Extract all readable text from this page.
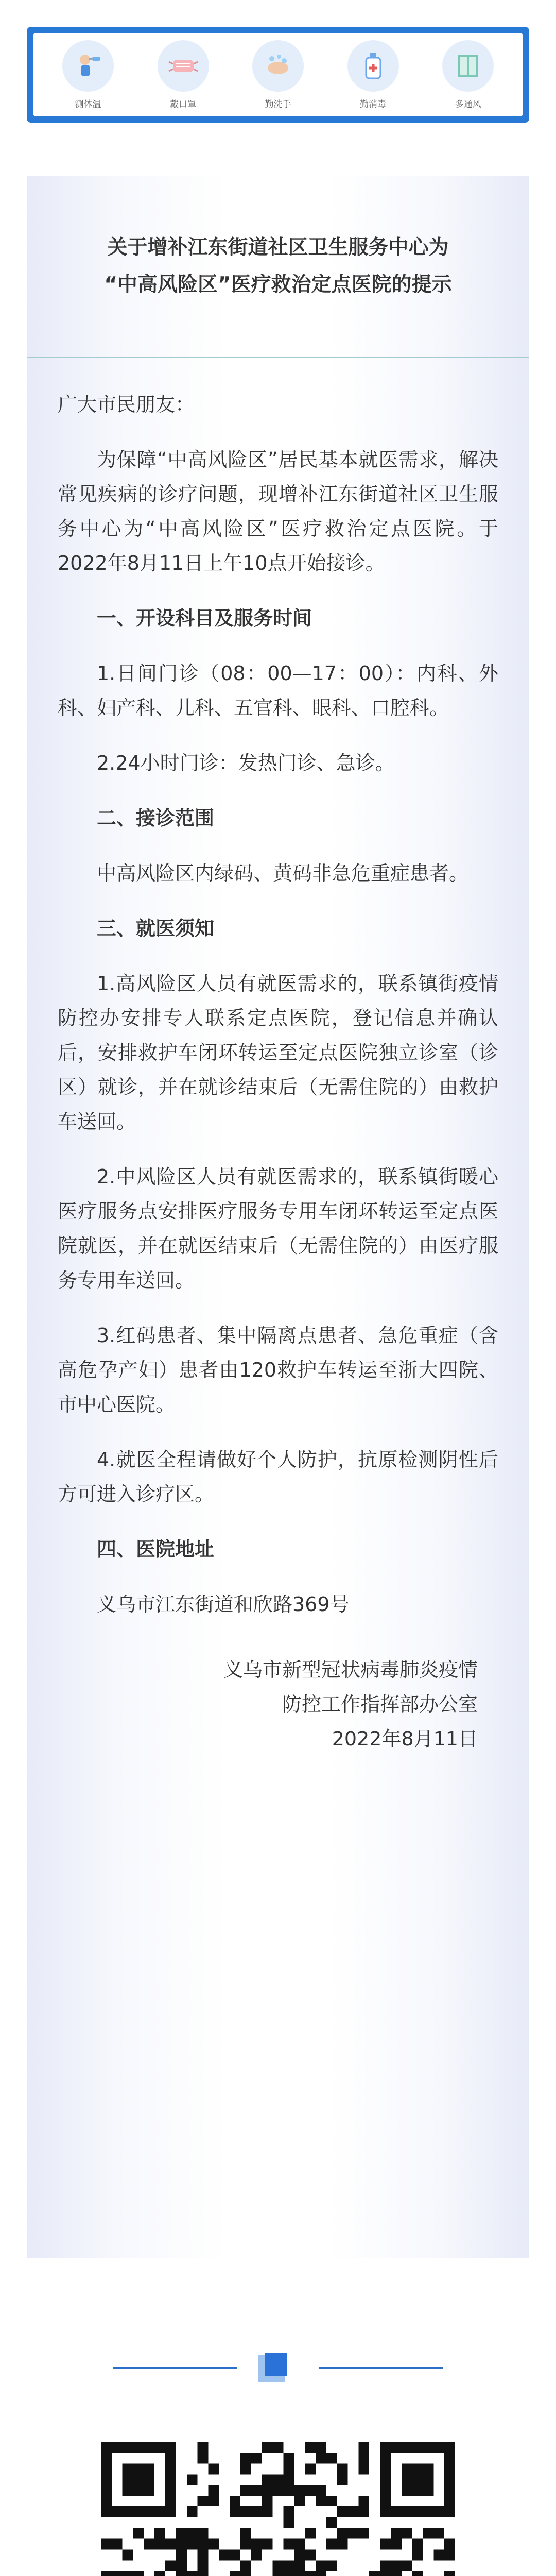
测体温	戴口罩	勤洗手	勤消毒	多通风
关于增补江东街道社区卫生服务中心为
“中高风险区”医疗救治定点医院的提示
广大市民朋友：
为保障“中高风险区”居民基本就医需求，解决常见疾病的诊疗问题，现增补江东街道社区卫生服务中心为“中高风险区”医疗救治定点医院。于2022年8月11日上午10点开始接诊。
一、开设科目及服务时间
1.日间门诊（08：00—17：00）：内科、外科、妇产科、儿科、五官科、眼科、口腔科。
2.24小时门诊：发热门诊、急诊。
二、接诊范围
中高风险区内绿码、黄码非急危重症患者。
三、就医须知
1.高风险区人员有就医需求的，联系镇街疫情防控办安排专人联系定点医院，登记信息并确认后，安排救护车闭环转运至定点医院独立诊室（诊区）就诊，并在就诊结束后（无需住院的）由救护车送回。
2.中风险区人员有就医需求的，联系镇街暖心医疗服务点安排医疗服务专用车闭环转运至定点医院就医，并在就医结束后（无需住院的）由医疗服务专用车送回。
3.红码患者、集中隔离点患者、急危重症（含高危孕产妇）患者由120救护车转运至浙大四院、市中心医院。
4.就医全程请做好个人防护，抗原检测阴性后方可进入诊疗区。
四、医院地址
义乌市江东街道和欣路369号
义乌市新型冠状病毒肺炎疫情
防控工作指挥部办公室
2022年8月11日
